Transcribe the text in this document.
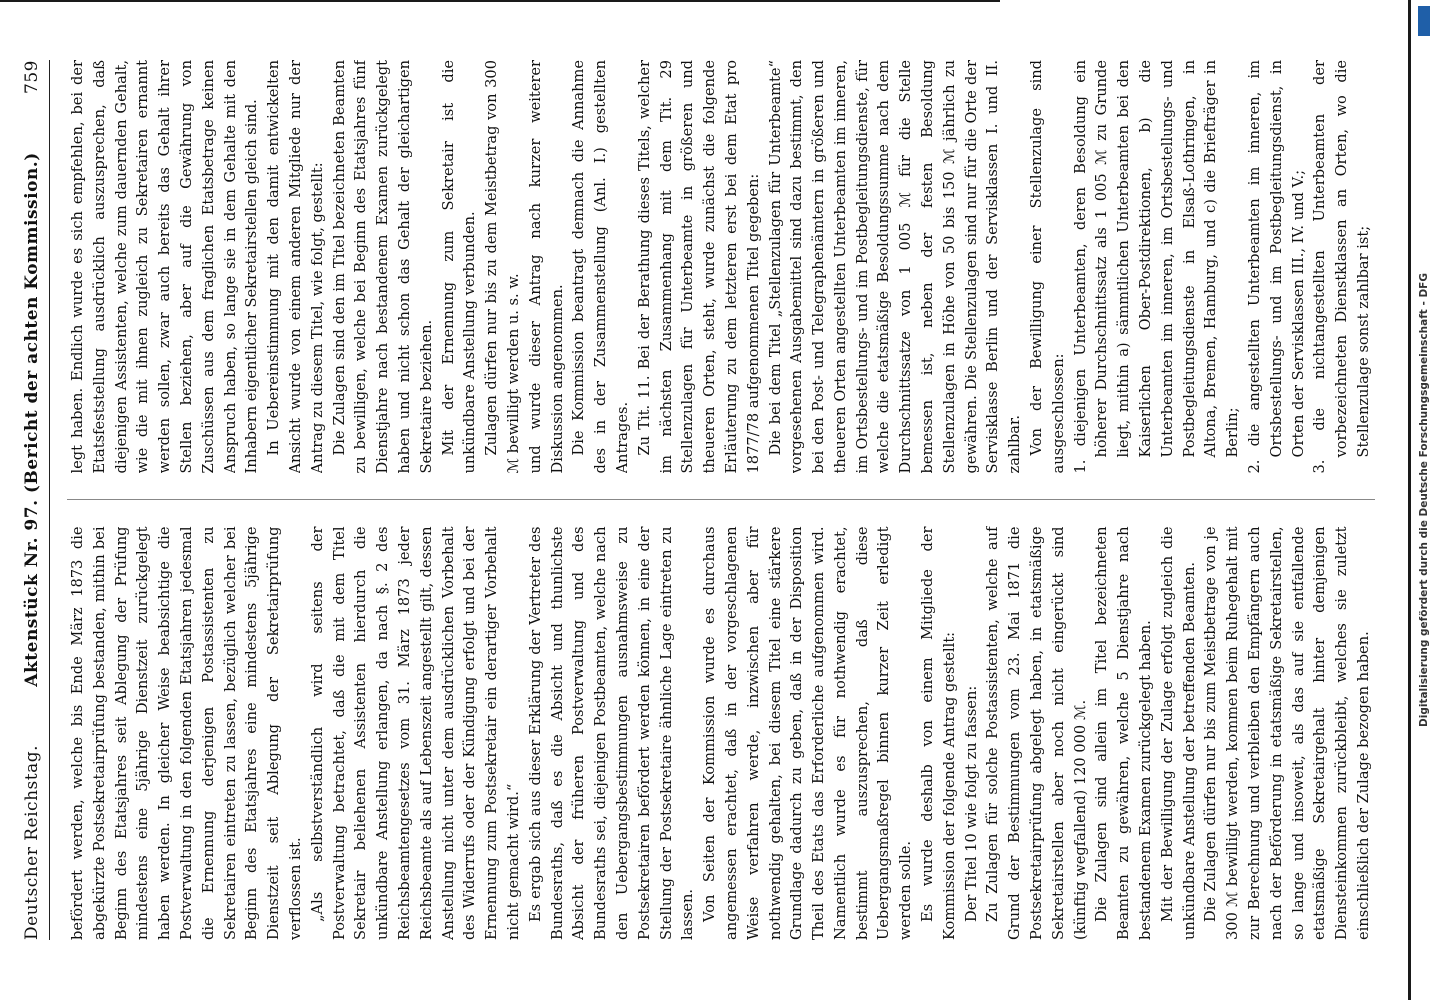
Deutscher Reichstag.
Aktenstück Nr. 97. (Bericht der achten Kommission.)
759

befördert werden, welche bis Ende März 1873 die abgekürzte Postsekretairprüfung bestanden, mithin bei Beginn des Etatsjahres seit Ablegung der Prüfung mindestens eine 5jährige Dienstzeit zurückgelegt haben werden. In gleicher Weise beabsichtige die Postverwaltung in den folgenden Etatsjahren jedesmal die Ernennung derjenigen Postassistenten zu Sekretairen eintreten zu lassen, bezüglich welcher bei Beginn des Etatsjahres eine mindestens 5jährige Dienstzeit seit Ablegung der Sekretairprüfung verflossen ist. „Als selbstverständlich wird seitens der Postverwaltung betrachtet, daß die mit dem Titel Sekretair beliehenen Assistenten hierdurch die unkündbare Anstellung erlangen, da nach §. 2 des Reichsbeamtengesetzes vom 31. März 1873 jeder Reichsbeamte als auf Lebenszeit angestellt gilt, dessen Anstellung nicht unter dem ausdrücklichen Vorbehalt des Widerrufs oder der Kündigung erfolgt und bei der Ernennung zum Postsekretair ein derartiger Vorbehalt nicht gemacht wird.“ Es ergab sich aus dieser Erklärung der Vertreter des Bundesraths, daß es die Absicht und thunlichste Absicht der früheren Postverwaltung und des Bundesraths sei, diejenigen Postbeamten, welche nach den Uebergangsbestimmungen ausnahmsweise zu Postsekretairen befördert werden können, in eine der Stellung der Postsekretaire ähnliche Lage eintreten zu lassen. Von Seiten der Kommission wurde es durchaus angemessen erachtet, daß in der vorgeschlagenen Weise verfahren werde, inzwischen aber für nothwendig gehalten, bei diesem Titel eine stärkere Grundlage dadurch zu geben, daß in der Disposition Theil des Etats das Erforderliche aufgenommen wird. Namentlich wurde es für nothwendig erachtet, bestimmt auszusprechen, daß diese Uebergangsmaßregel binnen kurzer Zeit erledigt werden solle. Es wurde deshalb von einem Mitgliede der Kommission der folgende Antrag gestellt: Der Titel 10 wie folgt zu fassen: Zu Zulagen für solche Postassistenten, welche auf Grund der Bestimmungen vom 23. Mai 1871 die Postsekretairprüfung abgelegt haben, in etatsmäßige Sekretairstellen aber noch nicht eingerückt sind (künftig wegfallend) 120 000 ℳ. Die Zulagen sind allein im Titel bezeichneten Beamten zu gewähren, welche 5 Dienstjahre nach bestandenem Examen zurückgelegt haben. Mit der Bewilligung der Zulage erfolgt zugleich die unkündbare Anstellung der betreffenden Beamten. Die Zulagen dürfen nur bis zum Meistbetrage von je 300 ℳ bewilligt werden, kommen beim Ruhegehalt mit zur Berechnung und verbleiben den Empfängern auch nach der Beförderung in etatsmäßige Sekretairstellen, so lange und insoweit, als das auf sie entfallende etatsmäßige Sekretairgehalt hinter demjenigen Diensteinkommen zurückbleibt, welches sie zuletzt einschließlich der Zulage bezogen haben.

legt haben. Endlich wurde es sich empfehlen, bei der Etatsfeststellung ausdrücklich auszusprechen, daß diejenigen Assistenten, welche zum dauernden Gehalt, wie die mit ihnen zugleich zu Sekretairen ernannt werden sollen, zwar auch bereits das Gehalt ihrer Stellen beziehen, aber auf die Gewährung von Zuschüssen aus dem fraglichen Etatsbetrage keinen Anspruch haben, so lange sie in dem Gehalte mit den Inhabern eigentlicher Sekretairstellen gleich sind. In Uebereinstimmung mit den damit entwickelten Ansicht wurde von einem anderen Mitgliede nur der Antrag zu diesem Titel, wie folgt, gestellt: Die Zulagen sind den im Titel bezeichneten Beamten zu bewilligen, welche bei Beginn des Etatsjahres fünf Dienstjahre nach bestandenem Examen zurückgelegt haben und nicht schon das Gehalt der gleichartigen Sekretaire beziehen. Mit der Ernennung zum Sekretair ist die unkündbare Anstellung verbunden. Zulagen dürfen nur bis zu dem Meistbetrag von 300 ℳ bewilligt werden u. s. w. und wurde dieser Antrag nach kurzer weiterer Diskussion angenommen. Die Kommission beantragt demnach die Annahme des in der Zusammenstellung (Anl. I.) gestellten Antrages. Zu Tit. 11. Bei der Berathung dieses Titels, welcher im nächsten Zusammenhang mit dem Tit. 29 Stellenzulagen für Unterbeamte in größeren und theueren Orten, steht, wurde zunächst die folgende Erläuterung zu dem letzteren erst bei dem Etat pro 1877/78 aufgenommenen Titel gegeben: Die bei dem Titel „Stellenzulagen für Unterbeamte“ vorgesehenen Ausgabemittel sind dazu bestimmt, den bei den Post- und Telegraphenämtern in größeren und theueren Orten angestellten Unterbeamten im inneren, im Ortsbestellungs- und im Postbegleitungsdienste, für welche die etatsmäßige Besoldungssumme nach dem Durchschnittssatze von 1 005 ℳ für die Stelle bemessen ist, neben der festen Besoldung Stellenzulagen in Höhe von 50 bis 150 ℳ jährlich zu gewähren. Die Stellenzulagen sind nur für die Orte der Servisklasse Berlin und der Servisklassen I. und II. zahlbar. Von der Bewilligung einer Stellenzulage sind ausgeschlossen: 1. diejenigen Unterbeamten, deren Besoldung ein höherer Durchschnittssatz als 1 005 ℳ zu Grunde liegt, mithin a) sämmtlichen Unterbeamten bei den Kaiserlichen Ober-Postdirektionen, b) die Unterbeamten im inneren, im Ortsbestellungs- und Postbegleitungsdienste in Elsaß-Lothringen, in Altona, Bremen, Hamburg, und c) die Briefträger in Berlin; 2. die angestellten Unterbeamten im inneren, im Ortsbestellungs- und im Postbegleitungsdienst, in Orten der Servisklassen III., IV. und V.; 3. die nichtangestellten Unterbeamten der vorbezeichneten Dienstklassen an Orten, wo die Stellenzulage sonst zahlbar ist;	Digitalisierung gefördert durch die Deutsche Forschungsgemeinschaft - DFG
